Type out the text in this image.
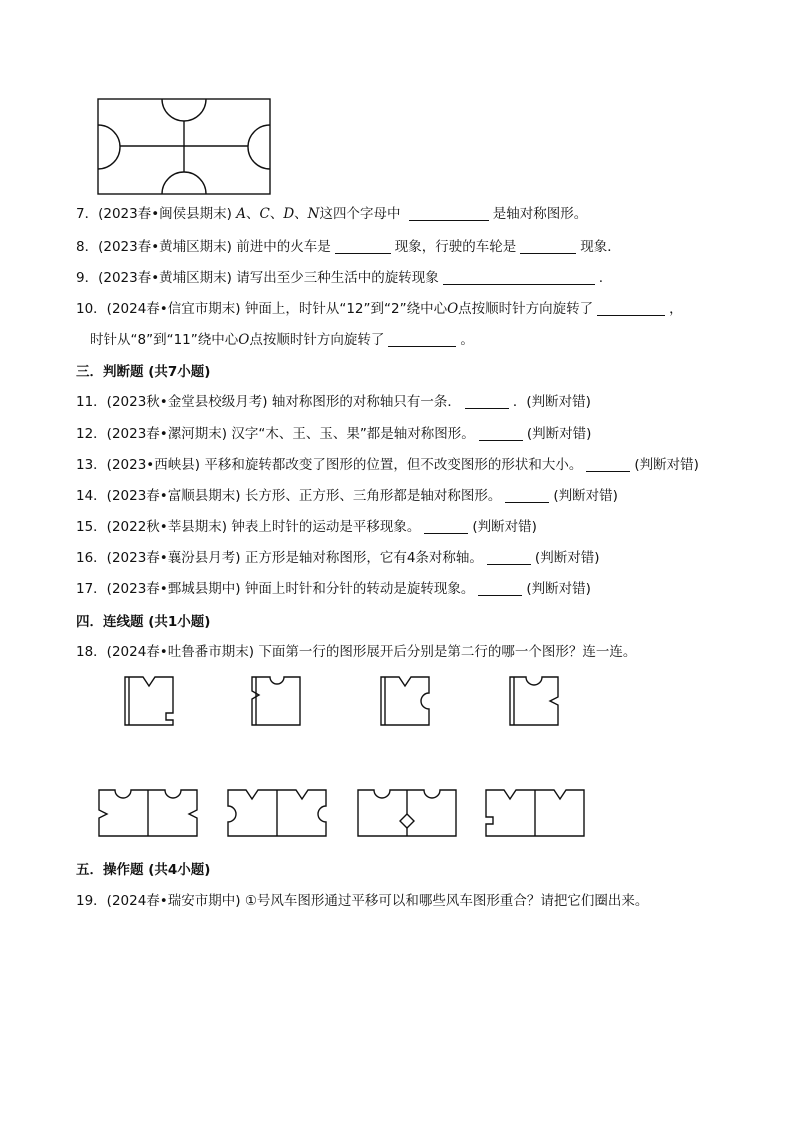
7．(2023春•闽侯县期末) A、C、D、N这四个字母中	是轴对称图形。
8．(2023春•黄埔区期末) 前进中的火车是	现象，行驶的车轮是	现象．
9．(2023春•黄埔区期末) 请写出至少三种生活中的旋转现象	.
10．(2024春•信宜市期末) 钟面上，时针从“12”到“2”绕中心O点按顺时针方向旋转了	，
时针从“8”到“11”绕中心O点按顺时针方向旋转了	。
三．判断题 (共7小题)
11．(2023秋•金堂县校级月考) 轴对称图形的对称轴只有一条．	．(判断对错)
12．(2023春•漯河期末) 汉字“木、王、玉、果”都是轴对称图形。	(判断对错)
13．(2023•西峡县) 平移和旋转都改变了图形的位置，但不改变图形的形状和大小。	(判断对错)
14．(2023春•富顺县期末) 长方形、正方形、三角形都是轴对称图形。	(判断对错)
15．(2022秋•莘县期末) 钟表上时针的运动是平移现象。	(判断对错)
16．(2023春•襄汾县月考) 正方形是轴对称图形，它有4条对称轴。	(判断对错)
17．(2023春•鄄城县期中) 钟面上时针和分针的转动是旋转现象。	(判断对错)
四．连线题 (共1小题)
18．(2024春•吐鲁番市期末) 下面第一行的图形展开后分别是第二行的哪一个图形？连一连。
五．操作题 (共4小题)
19．(2024春•瑞安市期中) ①号风车图形通过平移可以和哪些风车图形重合？请把它们圈出来。
